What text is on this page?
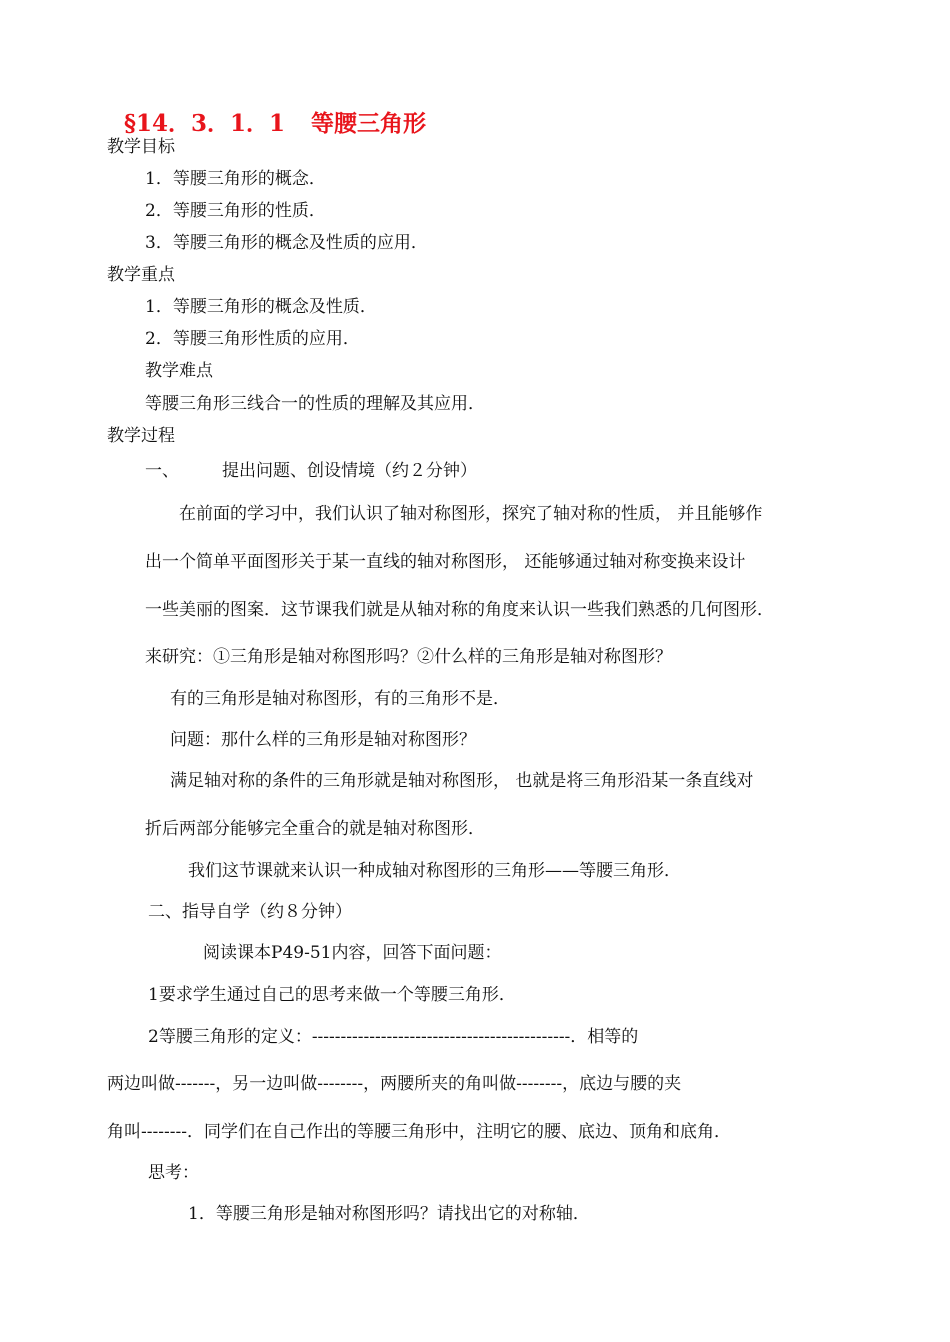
§14．3．1．1 等腰三角形
教学目标
1．等腰三角形的概念．
2．等腰三角形的性质．
3．等腰三角形的概念及性质的应用．
教学重点
1．等腰三角形的概念及性质．
2．等腰三角形性质的应用．
教学难点
等腰三角形三线合一的性质的理解及其应用．
教学过程
一、	提出问题、创设情境（约２分钟）
在前面的学习中，我们认识了轴对称图形，探究了轴对称的性质， 并且能够作
出一个简单平面图形关于某一直线的轴对称图形， 还能够通过轴对称变换来设计
一些美丽的图案．这节课我们就是从轴对称的角度来认识一些我们熟悉的几何图形．
来研究：①三角形是轴对称图形吗？②什么样的三角形是轴对称图形？
有的三角形是轴对称图形，有的三角形不是．
问题：那什么样的三角形是轴对称图形？
满足轴对称的条件的三角形就是轴对称图形， 也就是将三角形沿某一条直线对
折后两部分能够完全重合的就是轴对称图形．
我们这节课就来认识一种成轴对称图形的三角形——等腰三角形．
二、指导自学（约８分钟）
阅读课本P49-51内容，回答下面问题：
1要求学生通过自己的思考来做一个等腰三角形．
2等腰三角形的定义：---------------------------------------------．相等的
两边叫做-------，另一边叫做--------，两腰所夹的角叫做--------，底边与腰的夹
角叫--------．同学们在自己作出的等腰三角形中，注明它的腰、底边、顶角和底角．
思考：
1．等腰三角形是轴对称图形吗？请找出它的对称轴．
